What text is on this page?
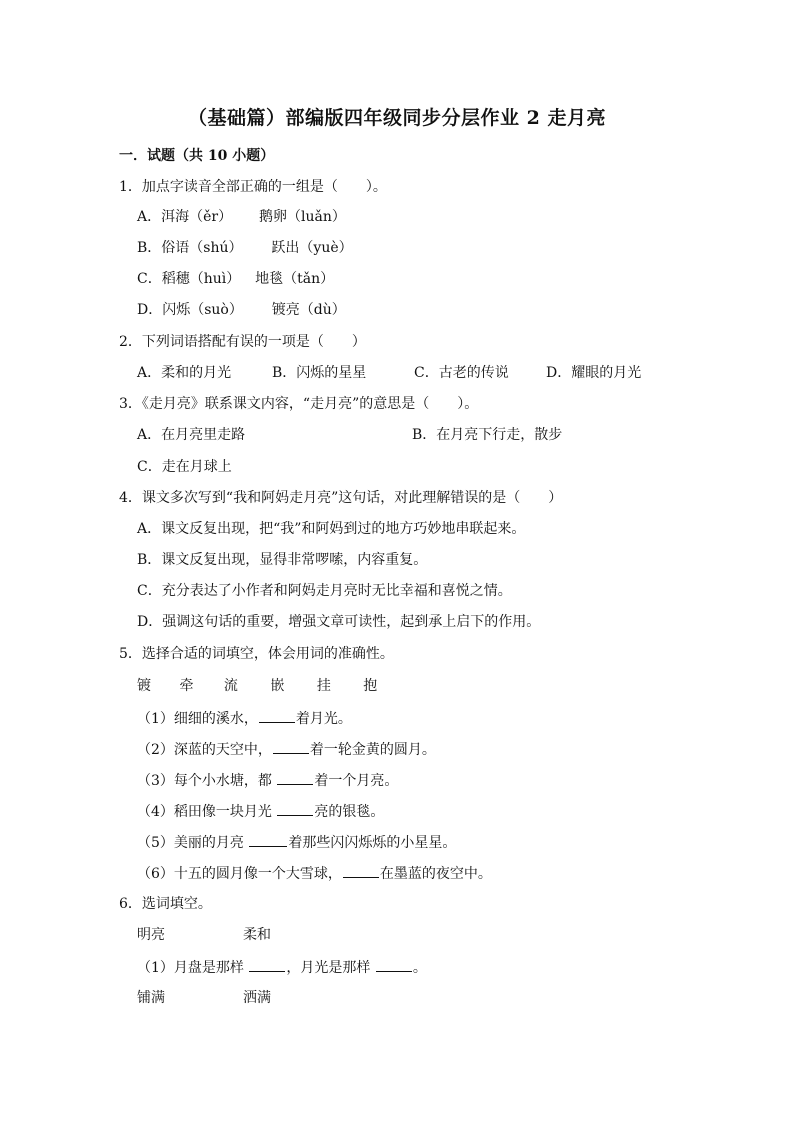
（基础篇）部编版四年级同步分层作业 2 走月亮
一．试题（共 10 小题）
1．加点字读音全部正确的一组是（　　）。
A．洱海（ěr） 鹅卵（luǎn）
B．俗语（shú） 跃出（yuè）
C．稻穗（huì） 地毯（tǎn）
D．闪烁（suò） 镀亮（dù）
2．下列词语搭配有误的一项是（　　）
A．柔和的月光	B．闪烁的星星	C．古老的传说	D．耀眼的月光
3．《走月亮》联系课文内容，“走月亮”的意思是（　　）。
A．在月亮里走路	B．在月亮下行走，散步
C．走在月球上
4．课文多次写到“我和阿妈走月亮”这句话，对此理解错误的是（　　）
A．课文反复出现，把“我”和阿妈到过的地方巧妙地串联起来。
B．课文反复出现，显得非常啰嗦，内容重复。
C．充分表达了小作者和阿妈走月亮时无比幸福和喜悦之情。
D．强调这句话的重要，增强文章可读性，起到承上启下的作用。
5．选择合适的词填空，体会用词的准确性。
镀 牵 流 嵌 挂 抱
（1）细细的溪水，	着月光。
（2）深蓝的天空中，	着一轮金黄的圆月。
（3）每个小水塘，都	着一个月亮。
（4）稻田像一块月光	亮的银毯。
（5）美丽的月亮	着那些闪闪烁烁的小星星。
（6）十五的圆月像一个大雪球，	在墨蓝的夜空中。
6．选词填空。
明亮	柔和
（1）月盘是那样	，月光是那样	。
铺满	洒满
